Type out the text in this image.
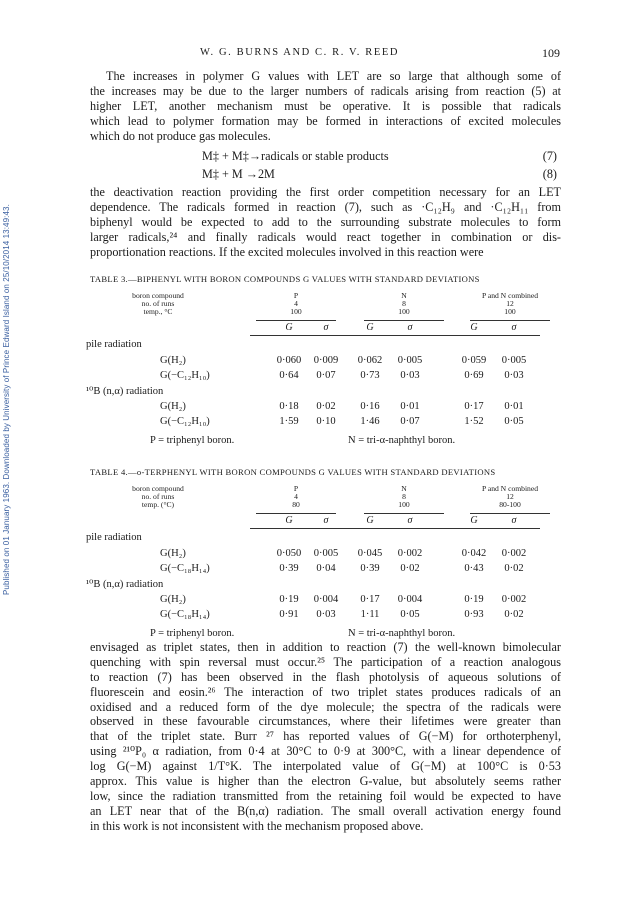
Published on 01 January 1963. Downloaded by University of Prince Edward Island on 25/10/2014 13:49:43.
W. G. BURNS AND C. R. V. REED	109
The increases in polymer G values with LET are so large that although some of
the increases may be due to the larger numbers of radicals arising from reaction (5) at
higher LET, another mechanism must be operative. It is possible that radicals
which lead to polymer formation may be formed in interactions of excited molecules
which do not produce gas molecules.
M‡ + M‡→radicals or stable products	(7)
M‡ + M →2M	(8)
the deactivation reaction providing the first order competition necessary for an LET
dependence. The radicals formed in reaction (7), such as ·C₁₂H₉ and ·C₁₂H₁₁ from
biphenyl would be expected to add to the surrounding substrate molecules to form
larger radicals,²⁴ and finally radicals would react together in combination or dis-
proportionation reactions. If the excited molecules involved in this reaction were
TABLE 3.—BIPHENYL WITH BORON COMPOUNDS G VALUES WITH STANDARD DEVIATIONS
boron compound
no. of runs
temp., °C
P
4
100
N
8
100
P and N combined
12
100
G	σ	G	σ	G	σ
pile radiation
G(H₂)	0·060 0·009 0·062 0·005	0·059 0·005
G(−C₁₂H₁₀)	0·64 0·07 0·73 0·03	0·69 0·03
¹⁰B (n,α) radiation
G(H₂)	0·18 0·02 0·16 0·01	0·17 0·01
G(−C₁₂H₁₀)	1·59 0·10 1·46 0·07	1·52 0·05
P = triphenyl boron.	N = tri-α-naphthyl boron.
TABLE 4.—o-TERPHENYL WITH BORON COMPOUNDS G VALUES WITH STANDARD DEVIATIONS
boron compound
no. of runs
temp. (°C)
P
4
80
N
8
100
P and N combined
12
80-100
G	σ	G	σ	G	σ
pile radiation
G(H₂)	0·050 0·005 0·045 0·002	0·042 0·002
G(−C₁₈H₁₄)	0·39 0·04 0·39 0·02	0·43 0·02
¹⁰B (n,α) radiation
G(H₂)	0·19 0·004 0·17 0·004	0·19 0·002
G(−C₁₈H₁₄)	0·91 0·03 1·11 0·05	0·93 0·02
P = triphenyl boron.	N = tri-α-naphthyl boron.
envisaged as triplet states, then in addition to reaction (7) the well-known bimolecular
quenching with spin reversal must occur.²⁵ The participation of a reaction analogous
to reaction (7) has been observed in the flash photolysis of aqueous solutions of
fluorescein and eosin.²⁶ The interaction of two triplet states produces radicals of an
oxidised and a reduced form of the dye molecule; the spectra of the radicals were
observed in these favourable circumstances, where their lifetimes were greater than
that of the triplet state. Burr ²⁷ has reported values of G(−M) for orthoterphenyl,
using ²¹⁰P₀ α radiation, from 0·4 at 30°C to 0·9 at 300°C, with a linear dependence of
log G(−M) against 1/T°K. The interpolated value of G(−M) at 100°C is 0·53
approx. This value is higher than the electron G-value, but absolutely seems rather
low, since the radiation transmitted from the retaining foil would be expected to have
an LET near that of the B(n,α) radiation. The small overall activation energy found
in this work is not inconsistent with the mechanism proposed above.
